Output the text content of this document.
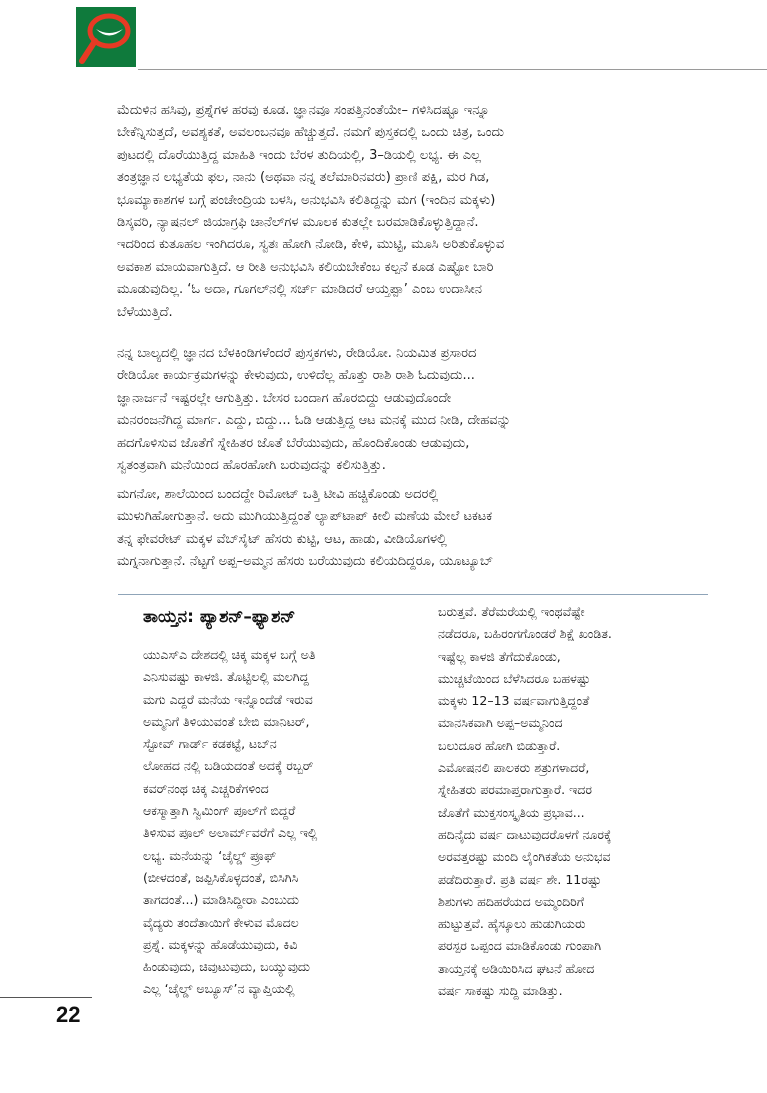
ಮೆದುಳಿನ ಹಸಿವು, ಪ್ರಶ್ನೆಗಳ ಹರವು ಕೂಡ. ಜ್ಞಾನವೂ ಸಂಪತ್ತಿನಂತೆಯೇ– ಗಳಿಸಿದಷ್ಟೂ ಇನ್ನೂ
ಬೇಕೆನ್ನಿಸುತ್ತದೆ, ಅವಶ್ಯಕತೆ, ಅವಲಂಬನವೂ ಹೆಚ್ಚುತ್ತದೆ. ನಮಗೆ ಪುಸ್ತಕದಲ್ಲಿ ಒಂದು ಚಿತ್ರ, ಒಂದು
ಪುಟದಲ್ಲಿ ದೊರೆಯುತ್ತಿದ್ದ ಮಾಹಿತಿ ಇಂದು ಬೆರಳ ತುದಿಯಲ್ಲಿ, 3–ಡಿಯಲ್ಲಿ ಲಭ್ಯ. ಈ ಎಲ್ಲ
ತಂತ್ರಜ್ಞಾನ ಲಭ್ಯತೆಯ ಫಲ, ನಾನು (ಅಥವಾ ನನ್ನ ತಲೆಮಾರಿನವರು) ಪ್ರಾಣಿ ಪಕ್ಷಿ, ಮರ ಗಿಡ,
ಭೂಮ್ಯಾಕಾಶಗಳ ಬಗ್ಗೆ ಪಂಚೇಂದ್ರಿಯ ಬಳಸಿ, ಅನುಭವಿಸಿ ಕಲಿತಿದ್ದನ್ನು ಮಗ (ಇಂದಿನ ಮಕ್ಕಳು)
ಡಿಸ್ಕವರಿ, ನ್ಯಾಷನಲ್ ಜಿಯಾಗ್ರಫಿ ಚಾನೆಲ್‌ಗಳ ಮೂಲಕ ಕುತಲ್ಲೇ ಬರಮಾಡಿಕೊಳ್ಳುತ್ತಿದ್ದಾನೆ.
ಇದರಿಂದ ಕುತೂಹಲ ಇಂಗಿದರೂ, ಸ್ವತಃ ಹೋಗಿ ನೋಡಿ, ಕೇಳಿ, ಮುಟ್ಟಿ, ಮೂಸಿ ಅರಿತುಕೊಳ್ಳುವ
ಅವಕಾಶ ಮಾಯವಾಗುತ್ತಿದೆ. ಆ ರೀತಿ ಅನುಭವಿಸಿ ಕಲಿಯಬೇಕೆಂಬ ಕಲ್ಪನೆ ಕೂಡ ಎಷ್ಟೋ ಬಾರಿ
ಮೂಡುವುದಿಲ್ಲ. ‘ಓ ಅದಾ, ಗೂಗಲ್‌ನಲ್ಲಿ ಸರ್ಚ್ ಮಾಡಿದರೆ ಆಯ್ತಪ್ಪಾ’ ಎಂಬ ಉದಾಸೀನ
ಬೆಳೆಯುತ್ತಿದೆ.

ನನ್ನ ಬಾಲ್ಯದಲ್ಲಿ ಜ್ಞಾನದ ಬೆಳಕಿಂಡಿಗಳೆಂದರೆ ಪುಸ್ತಕಗಳು, ರೇಡಿಯೋ. ನಿಯಮಿತ ಪ್ರಸಾರದ
ರೇಡಿಯೋ ಕಾರ್ಯಕ್ರಮಗಳನ್ನು ಕೇಳುವುದು, ಉಳಿದೆಲ್ಲ ಹೊತ್ತು ರಾಶಿ ರಾಶಿ ಓದುವುದು...
ಜ್ಞಾನಾರ್ಜನೆ ಇಷ್ಟರಲ್ಲೇ ಆಗುತ್ತಿತ್ತು. ಬೇಸರ ಬಂದಾಗ ಹೊರಬಿದ್ದು ಆಡುವುದೊಂದೇ
ಮನರಂಜನೆಗಿದ್ದ ಮಾರ್ಗ. ಎದ್ದು, ಬಿದ್ದು... ಓಡಿ ಆಡುತ್ತಿದ್ದ ಆಟ ಮನಕ್ಕೆ ಮುದ ನೀಡಿ, ದೇಹವನ್ನು
ಹದಗೊಳಿಸುವ ಜೊತೆಗೆ ಸ್ನೇಹಿತರ ಜೊತೆ ಬೆರೆಯುವುದು, ಹೊಂದಿಕೊಂಡು ಆಡುವುದು,
ಸ್ವತಂತ್ರವಾಗಿ ಮನೆಯಿಂದ ಹೊರಹೋಗಿ ಬರುವುದನ್ನು ಕಲಿಸುತ್ತಿತ್ತು.

ಮಗನೋ, ಶಾಲೆಯಿಂದ ಬಂದದ್ದೇ ರಿಮೋಟ್ ಒತ್ತಿ ಟೀವಿ ಹಚ್ಚಿಕೊಂಡು ಅದರಲ್ಲಿ
ಮುಳುಗಿಹೋಗುತ್ತಾನೆ. ಅದು ಮುಗಿಯುತ್ತಿದ್ದಂತೆ ಲ್ಯಾಪ್‌ಟಾಪ್ ಕೀಲಿ ಮಣೆಯ ಮೇಲೆ ಟಕಟಕ
ತನ್ನ ಫೇವರೇಟ್ ಮಕ್ಕಳ ವೆಬ್‌ಸೈಟ್ ಹೆಸರು ಕುಟ್ಟಿ, ಆಟ, ಹಾಡು, ವೀಡಿಯೊಗಳಲ್ಲಿ
ಮಗ್ನನಾಗುತ್ತಾನೆ. ನೆಟ್ಟಗೆ ಅಪ್ಪ–ಅಮ್ಮನ ಹೆಸರು ಬರೆಯುವುದು ಕಲಿಯದಿದ್ದರೂ, ಯೂಟ್ಯೂಬ್

ತಾಯ್ತನ: ಪ್ಯಾಶನ್–ಫ್ಯಾಶನ್

ಯುಎಸ್‌ಎ ದೇಶದಲ್ಲಿ ಚಿಕ್ಕ ಮಕ್ಕಳ ಬಗ್ಗೆ ಅತಿ
ಎನಿಸುವಷ್ಟು ಕಾಳಜಿ. ತೊಟ್ಟಿಲಲ್ಲಿ ಮಲಗಿದ್ದ
ಮಗು ಎದ್ದರೆ ಮನೆಯ ಇನ್ನೊಂದೆಡೆ ಇರುವ
ಅಮ್ಮನಿಗೆ ತಿಳಿಯುವಂತೆ ಬೇಬಿ ಮಾನಿಟರ್,
ಸ್ಟೋವ್ ಗಾರ್ಡ್ ಕಡಕಟ್ಟೆ, ಟಬ್‌ನ
ಲೋಹದ ನಲ್ಲಿ ಬಡಿಯದಂತೆ ಅದಕ್ಕೆ ರಬ್ಬರ್
ಕವರ್‌ನಂಥ ಚಿಕ್ಕ ಎಚ್ಚರಿಕೆಗಳಿಂದ
ಆಕಸ್ಮಾತ್ತಾಗಿ ಸ್ವಿಮಿಂಗ್ ಪೂಲ್‌ಗೆ ಬಿದ್ದರೆ
ತಿಳಿಸುವ ಪೂಲ್ ಅಲಾರ್ಮ್‌ವರೆಗೆ ಎಲ್ಲ ಇಲ್ಲಿ
ಲಭ್ಯ. ಮನೆಯನ್ನು ‘ಚೈಲ್ಡ್ ಪ್ರೂಫ್
(ಬೀಳದಂತೆ, ಜಪ್ಪಿಸಿಕೊಳ್ಳದಂತೆ, ಬಿಸಿಗಿಸಿ
ತಾಗದಂತೆ...) ಮಾಡಿಸಿದ್ದೀರಾ ಎಂಬುದು
ವೈದ್ಯರು ತಂದೆತಾಯಿಗೆ ಕೇಳುವ ಮೊದಲ
ಪ್ರಶ್ನೆ. ಮಕ್ಕಳನ್ನು ಹೊಡೆಯುವುದು, ಕಿವಿ
ಹಿಂಡುವುದು, ಚಿವುಟುವುದು, ಬಯ್ಯುವುದು
ಎಲ್ಲ ‘ಚೈಲ್ಡ್ ಅಬ್ಯೂಸ್’ನ ವ್ಯಾಪ್ತಿಯಲ್ಲಿ

ಬರುತ್ತವೆ. ತೆರೆಮರೆಯಲ್ಲಿ ಇಂಥವೆಷ್ಟೇ
ನಡೆದರೂ, ಬಹಿರಂಗಗೊಂಡರೆ ಶಿಕ್ಷೆ ಖಂಡಿತ.
ಇಷ್ಟೆಲ್ಲ ಕಾಳಜಿ ತೆಗೆದುಕೊಂಡು,
ಮುಚ್ಚಟೆಯಿಂದ ಬೆಳೆಸಿದರೂ ಬಹಳಷ್ಟು
ಮಕ್ಕಳು 12–13 ವರ್ಷವಾಗುತ್ತಿದ್ದಂತೆ
ಮಾನಸಿಕವಾಗಿ ಅಪ್ಪ–ಅಮ್ಮನಿಂದ
ಬಲುದೂರ ಹೋಗಿ ಬಿಡುತ್ತಾರೆ.
ಎಮೋಷನಲಿ ಪಾಲಕರು ಶತ್ರುಗಳಾದರೆ,
ಸ್ನೇಹಿತರು ಪರಮಾಪ್ತರಾಗುತ್ತಾರೆ. ಇದರ
ಜೊತೆಗೆ ಮುಕ್ತಸಂಸ್ಕೃತಿಯ ಪ್ರಭಾವ...
ಹದಿನೈದು ವರ್ಷ ದಾಟುವುದರೊಳಗೆ ನೂರಕ್ಕೆ
ಅರವತ್ತರಷ್ಟು ಮಂದಿ ಲೈಂಗಿಕತೆಯ ಅನುಭವ
ಪಡೆದಿರುತ್ತಾರೆ. ಪ್ರತಿ ವರ್ಷ ಶೇ. 11ರಷ್ಟು
ಶಿಶುಗಳು ಹದಿಹರೆಯದ ಅಮ್ಮಂದಿರಿಗೆ
ಹುಟ್ಟುತ್ತವೆ. ಹೈಸ್ಕೂಲು ಹುಡುಗಿಯರು
ಪರಸ್ಪರ ಒಪ್ಪಂದ ಮಾಡಿಕೊಂಡು ಗುಂಪಾಗಿ
ತಾಯ್ತನಕ್ಕೆ ಅಡಿಯಿರಿಸಿದ ಘಟನೆ ಹೋದ
ವರ್ಷ ಸಾಕಷ್ಟು ಸುದ್ದಿ ಮಾಡಿತ್ತು.

22
